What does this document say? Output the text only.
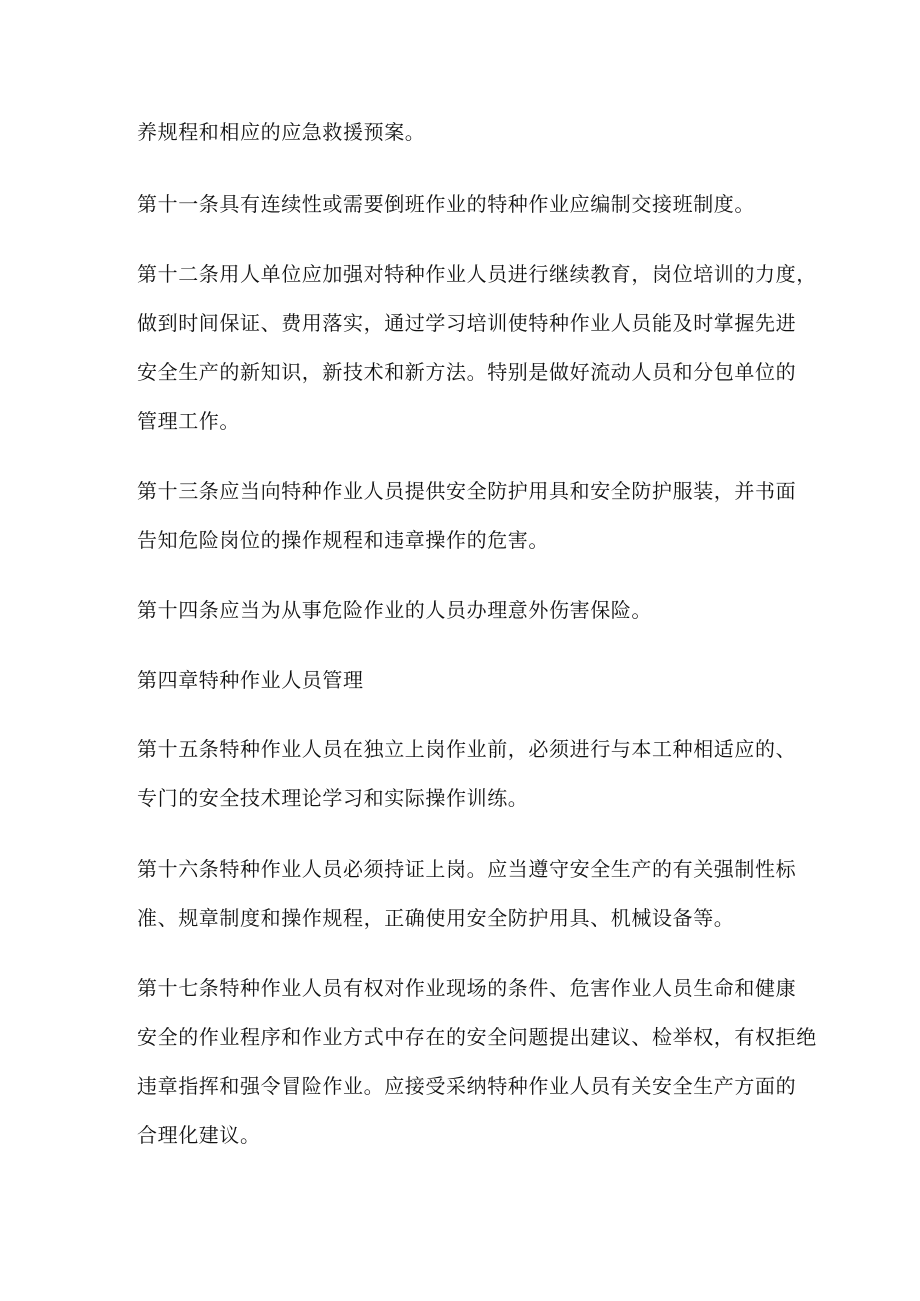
养规程和相应的应急救援预案。
第十一条具有连续性或需要倒班作业的特种作业应编制交接班制度。
第十二条用人单位应加强对特种作业人员进行继续教育，岗位培训的力度，
做到时间保证、费用落实，通过学习培训使特种作业人员能及时掌握先进
安全生产的新知识，新技术和新方法。特别是做好流动人员和分包单位的
管理工作。
第十三条应当向特种作业人员提供安全防护用具和安全防护服装，并书面
告知危险岗位的操作规程和违章操作的危害。
第十四条应当为从事危险作业的人员办理意外伤害保险。
第四章特种作业人员管理
第十五条特种作业人员在独立上岗作业前，必须进行与本工种相适应的、
专门的安全技术理论学习和实际操作训练。
第十六条特种作业人员必须持证上岗。应当遵守安全生产的有关强制性标
准、规章制度和操作规程，正确使用安全防护用具、机械设备等。
第十七条特种作业人员有权对作业现场的条件、危害作业人员生命和健康
安全的作业程序和作业方式中存在的安全问题提出建议、检举权，有权拒绝
违章指挥和强令冒险作业。应接受采纳特种作业人员有关安全生产方面的
合理化建议。
